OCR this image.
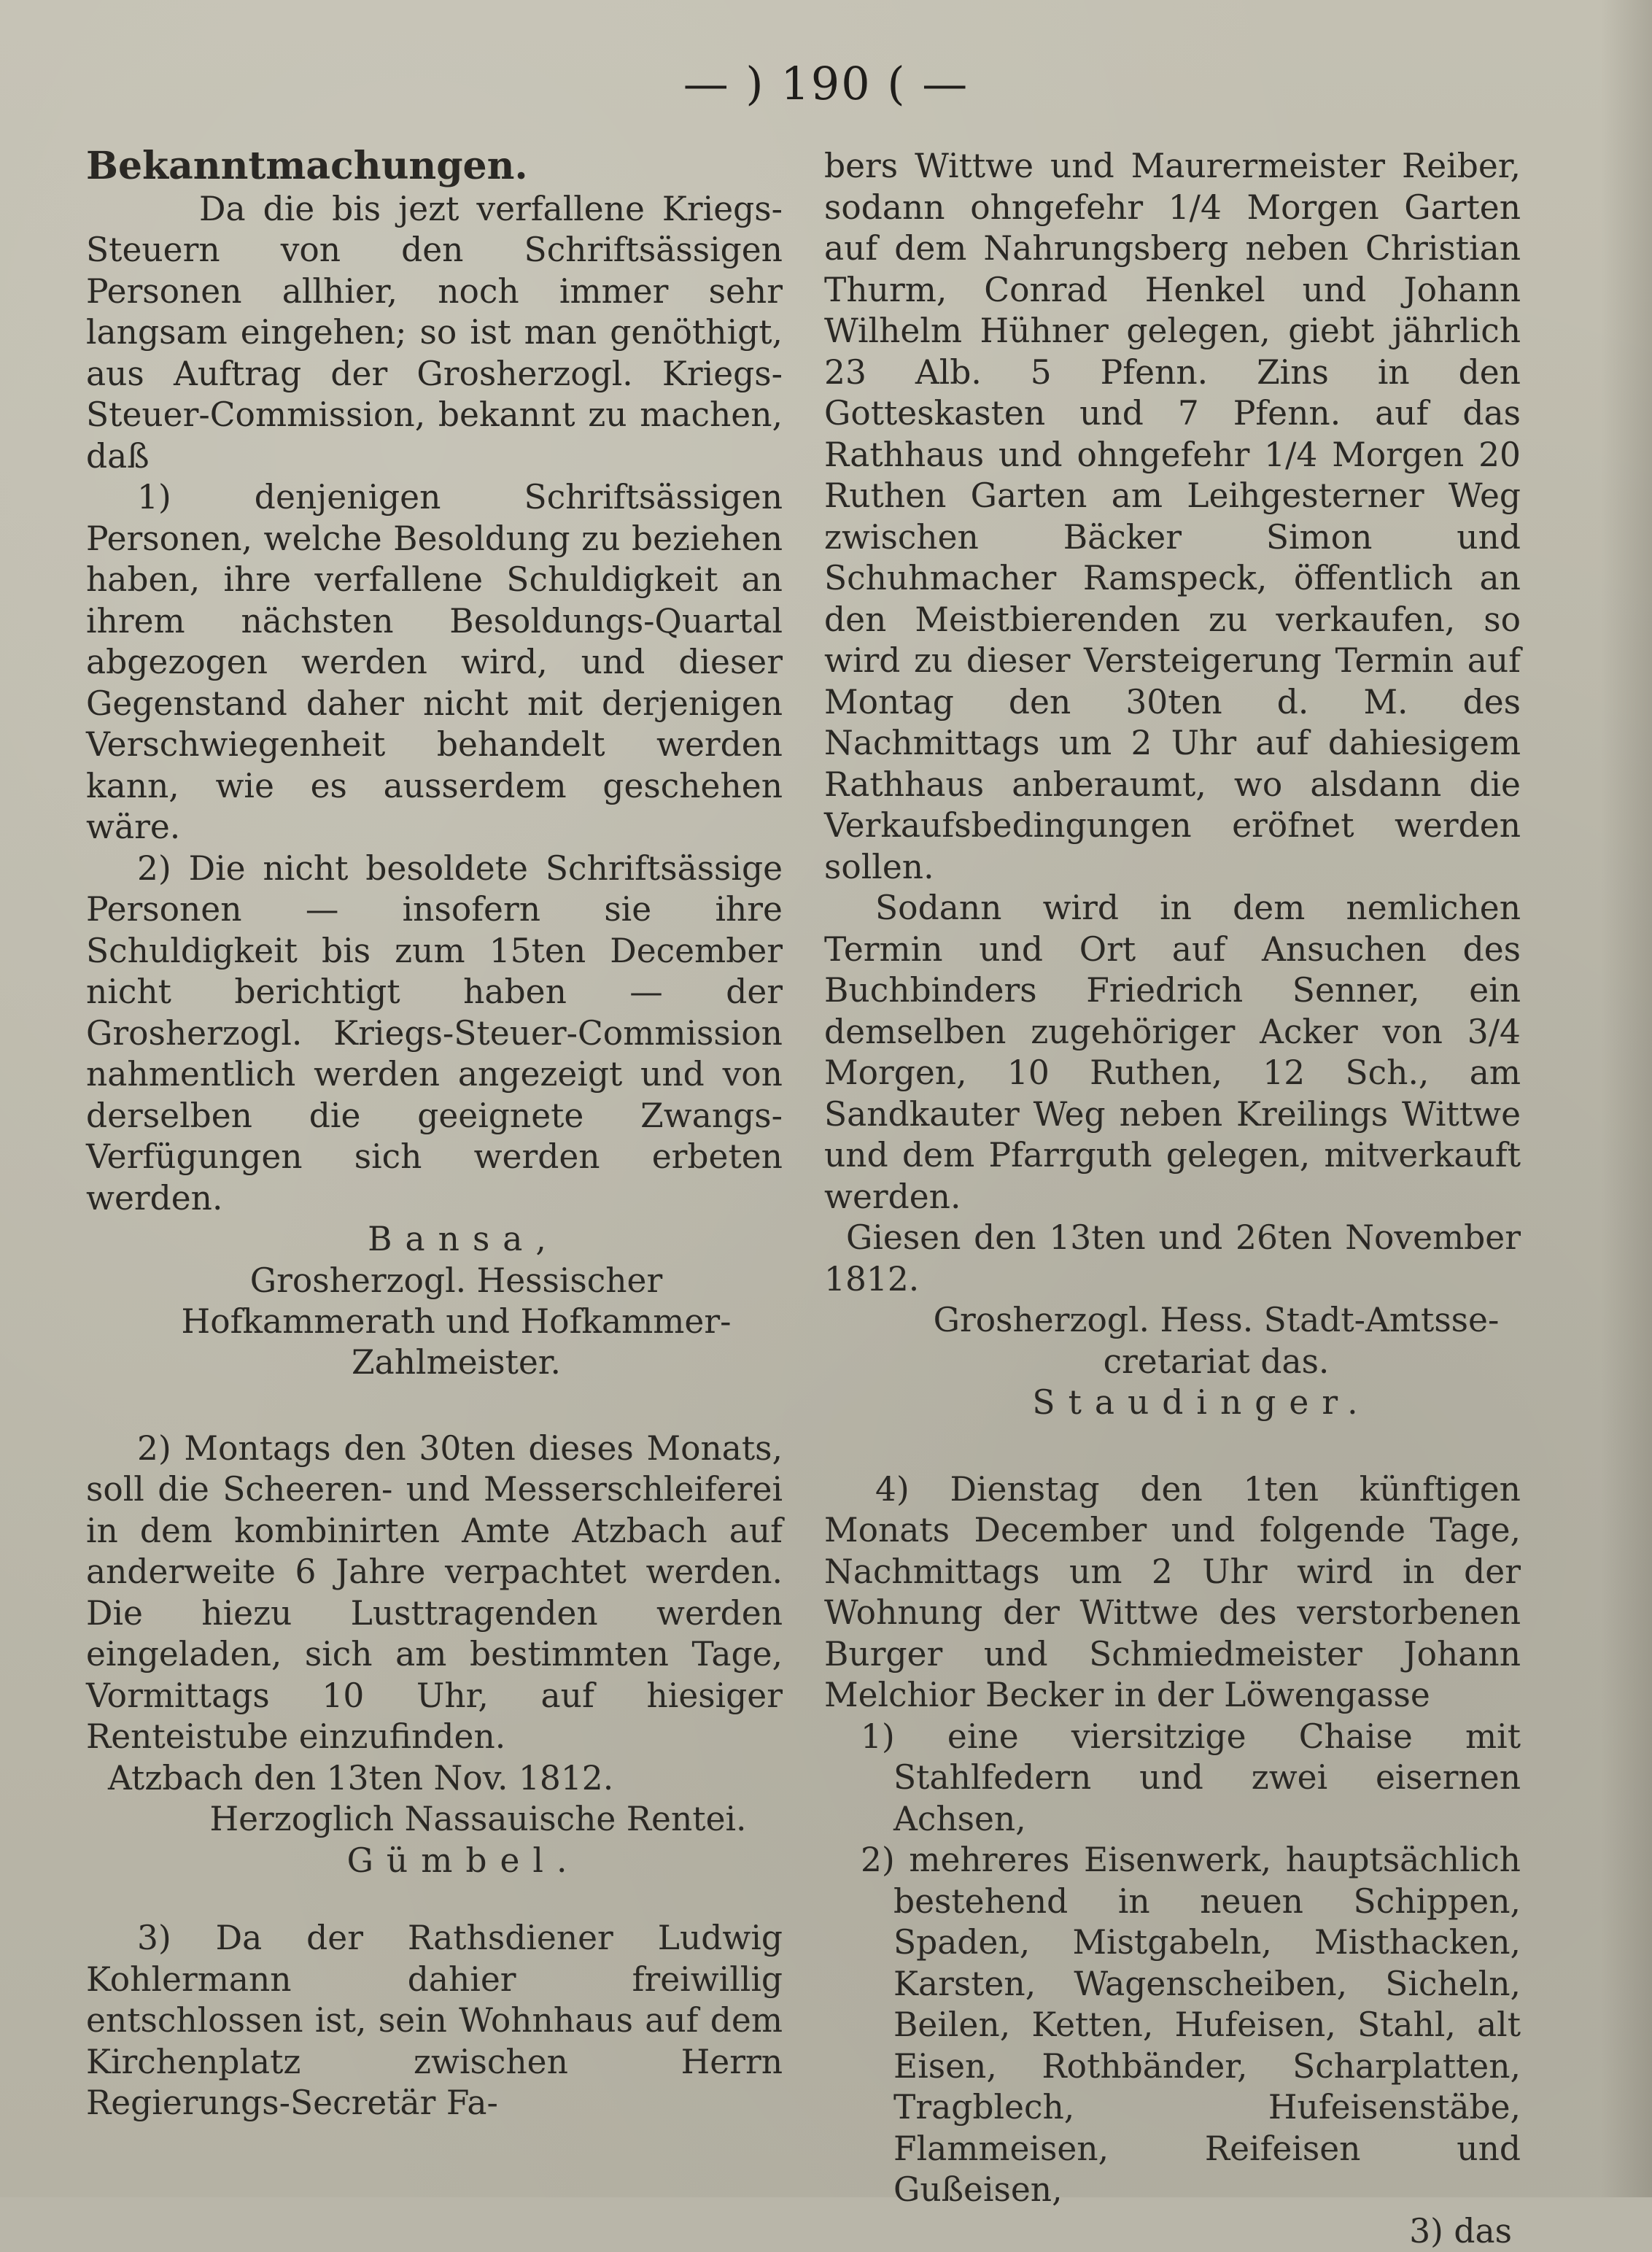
— ) 190 ( —

Bekanntmachungen.

Da die bis jezt verfallene Kriegs-Steuern von den Schriftsässigen Personen allhier, noch immer sehr langsam eingehen; so ist man genöthigt, aus Auftrag der Grosherzogl. Kriegs-Steuer-Commission, bekannt zu machen, daß

1) denjenigen Schriftsässigen Personen, welche Besoldung zu beziehen haben, ihre verfallene Schuldigkeit an ihrem nächsten Besoldungs-Quartal abgezogen werden wird, und dieser Gegenstand daher nicht mit derjenigen Verschwiegenheit behandelt werden kann, wie es ausserdem geschehen wäre.

2) Die nicht besoldete Schriftsässige Personen — insofern sie ihre Schuldigkeit bis zum 15ten December nicht berichtigt haben — der Grosherzogl. Kriegs-Steuer-Commission nahmentlich werden angezeigt und von derselben die geeignete Zwangs-Verfügungen sich werden erbeten werden.

Bansa,

Grosherzogl. Hessischer Hofkammerath und Hofkammer-

Zahlmeister.

2) Montags den 30ten dieses Monats, soll die Scheeren- und Messerschleiferei in dem kombinirten Amte Atzbach auf anderweite 6 Jahre verpachtet werden. Die hiezu Lusttragenden werden eingeladen, sich am bestimmten Tage, Vormittags 10 Uhr, auf hiesiger Renteistube einzufinden.

Atzbach den 13ten Nov. 1812.

Herzoglich Nassauische Rentei.

Gümbel.

3) Da der Rathsdiener Ludwig Kohlermann dahier freiwillig entschlossen ist, sein Wohnhaus auf dem Kirchenplatz zwischen Herrn Regierungs-Secretär Fa-

bers Wittwe und Maurermeister Reiber, sodann ohngefehr 1/4 Morgen Garten auf dem Nahrungsberg neben Christian Thurm, Conrad Henkel und Johann Wilhelm Hühner gelegen, giebt jährlich 23 Alb. 5 Pfenn. Zins in den Gotteskasten und 7 Pfenn. auf das Rathhaus und ohngefehr 1/4 Morgen 20 Ruthen Garten am Leihgesterner Weg zwischen Bäcker Simon und Schuhmacher Ramspeck, öffentlich an den Meistbierenden zu verkaufen, so wird zu dieser Versteigerung Termin auf Montag den 30ten d. M. des Nachmittags um 2 Uhr auf dahiesigem Rathhaus anberaumt, wo alsdann die Verkaufsbedingungen eröfnet werden sollen.

Sodann wird in dem nemlichen Termin und Ort auf Ansuchen des Buchbinders Friedrich Senner, ein demselben zugehöriger Acker von 3/4 Morgen, 10 Ruthen, 12 Sch., am Sandkauter Weg neben Kreilings Wittwe und dem Pfarrguth gelegen, mitverkauft werden.

Giesen den 13ten und 26ten November 1812.

Grosherzogl. Hess. Stadt-Amtsse-

cretariat das.

Staudinger.

4) Dienstag den 1ten künftigen Monats December und folgende Tage, Nachmittags um 2 Uhr wird in der Wohnung der Wittwe des verstorbenen Burger und Schmiedmeister Johann Melchior Becker in der Löwengasse

1) eine viersitzige Chaise mit Stahlfedern und zwei eisernen Achsen,

2) mehreres Eisenwerk, hauptsächlich bestehend in neuen Schippen, Spaden, Mistgabeln, Misthacken, Karsten, Wagenscheiben, Sicheln, Beilen, Ketten, Hufeisen, Stahl, alt Eisen, Rothbänder, Scharplatten, Tragblech, Hufeisenstäbe, Flammeisen, Reifeisen und Gußeisen,

3) das
